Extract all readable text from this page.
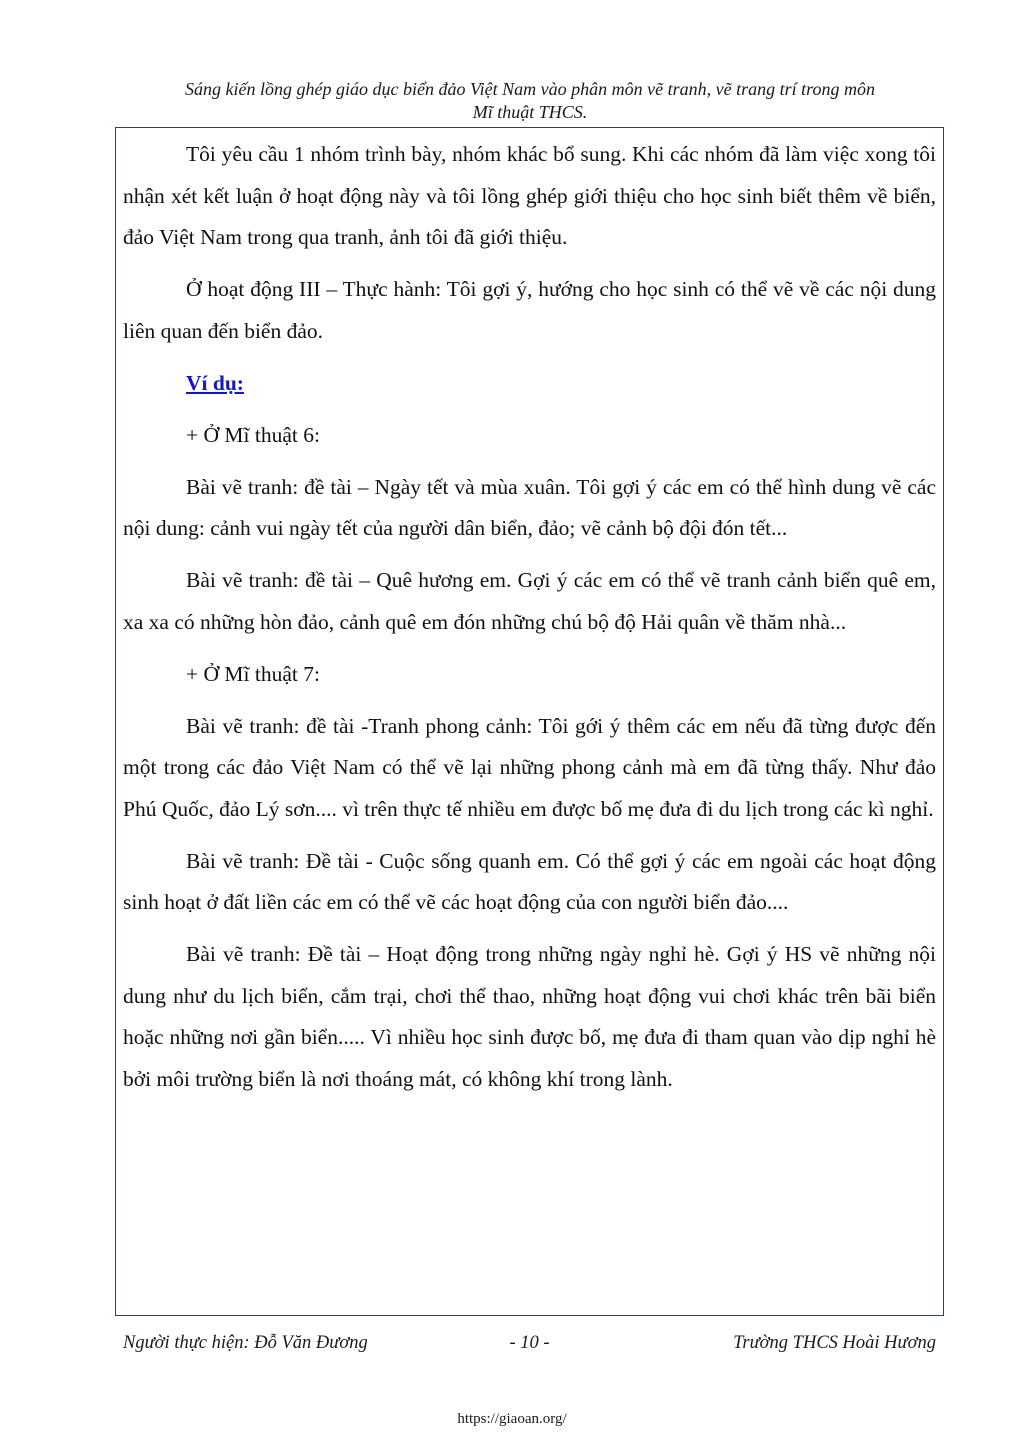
Sáng kiến lồng ghép giáo dục biển đảo Việt Nam vào phân môn vẽ tranh, vẽ trang trí trong môn
Mĩ thuật THCS.

Tôi yêu cầu 1 nhóm trình bày, nhóm khác bổ sung. Khi các nhóm đã làm việc xong tôi nhận xét kết luận ở hoạt động này và tôi lồng ghép giới thiệu cho học sinh biết thêm về biển, đảo Việt Nam trong qua tranh, ảnh tôi đã giới thiệu.

Ở hoạt động III – Thực hành: Tôi gợi ý, hướng cho học sinh có thể vẽ về các nội dung liên quan đến biển đảo.

Ví dụ:

+ Ở Mĩ thuật 6:

Bài vẽ tranh: đề tài – Ngày tết và mùa xuân. Tôi gợi ý các em có thể hình dung vẽ các nội dung: cảnh vui ngày tết của người dân biển, đảo; vẽ cảnh bộ đội đón tết...

Bài vẽ tranh: đề tài – Quê hương em. Gợi ý các em có thể vẽ tranh cảnh biển quê em, xa xa có những hòn đảo, cảnh quê em đón những chú bộ độ Hải quân về thăm nhà...

+ Ở Mĩ thuật 7:

Bài vẽ tranh: đề tài -Tranh phong cảnh: Tôi gới ý thêm các em nếu đã từng được đến một trong các đảo Việt Nam có thể vẽ lại những phong cảnh mà em đã từng thấy. Như đảo Phú Quốc, đảo Lý sơn.... vì trên thực tế nhiều em được bố mẹ đưa đi du lịch trong các kì nghỉ.

Bài vẽ tranh: Đề tài - Cuộc sống quanh em. Có thể gợi ý các em ngoài các hoạt động sinh hoạt ở đất liền các em có thể vẽ các hoạt động của con người biển đảo....

Bài vẽ tranh: Đề tài – Hoạt động trong những ngày nghỉ hè. Gợi ý HS vẽ những nội dung như du lịch biển, cắm trại, chơi thể thao, những hoạt động vui chơi khác trên bãi biển hoặc những nơi gần biển..... Vì nhiều học sinh được bố, mẹ đưa đi tham quan vào dịp nghỉ hè bởi môi trường biển là nơi thoáng mát, có không khí trong lành.

Người thực hiện: Đỗ Văn Đương	- 10 -	Trường THCS Hoài Hương
https://giaoan.org/
